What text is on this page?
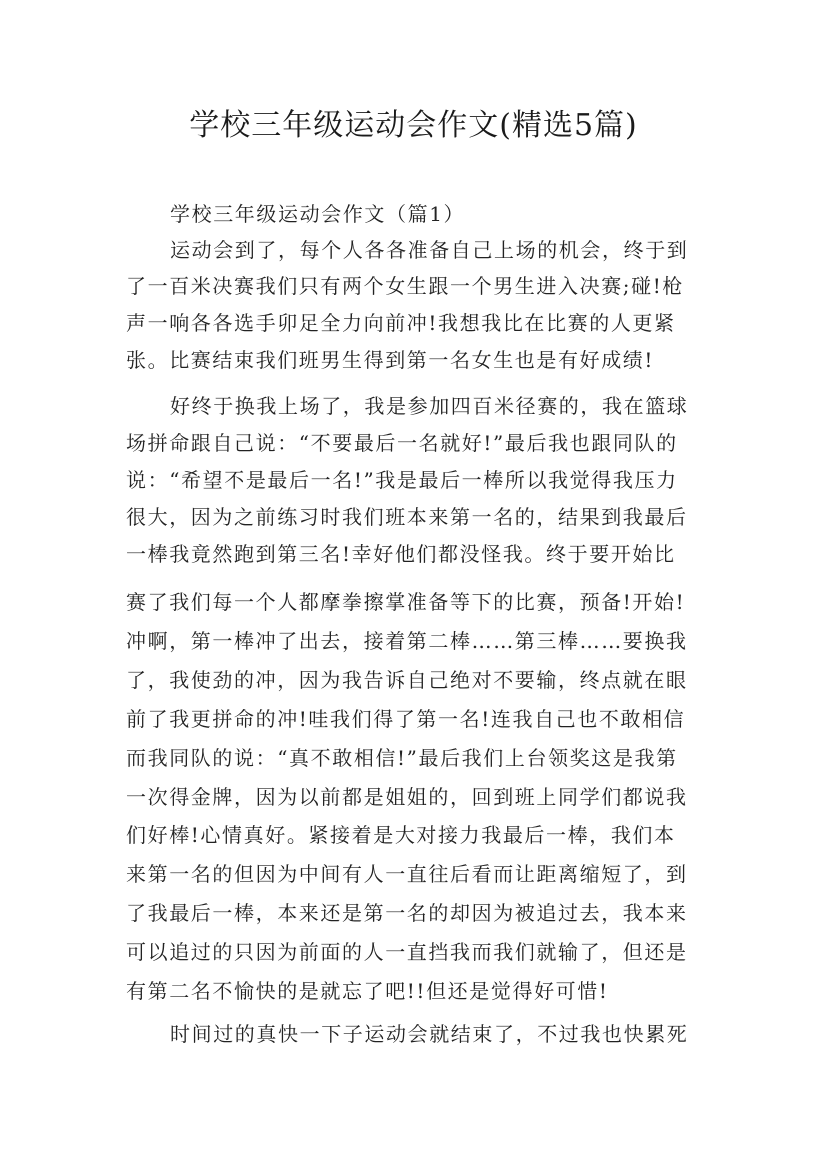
学校三年级运动会作文(精选5篇)
学校三年级运动会作文（篇1）
运动会到了，每个人各各准备自己上场的机会，终于到
了一百米决赛我们只有两个女生跟一个男生进入决赛;碰!枪
声一响各各选手卯足全力向前冲!我想我比在比赛的人更紧
张。比赛结束我们班男生得到第一名女生也是有好成绩!
好终于换我上场了，我是参加四百米径赛的，我在篮球
场拼命跟自己说：“不要最后一名就好!”最后我也跟同队的
说：“希望不是最后一名!”我是最后一棒所以我觉得我压力
很大，因为之前练习时我们班本来第一名的，结果到我最后
一棒我竟然跑到第三名!幸好他们都没怪我。终于要开始比
赛了我们每一个人都摩拳擦掌准备等下的比赛，预备!开始!
冲啊，第一棒冲了出去，接着第二棒……第三棒……要换我
了，我使劲的冲，因为我告诉自己绝对不要输，终点就在眼
前了我更拼命的冲!哇我们得了第一名!连我自己也不敢相信
而我同队的说：“真不敢相信!”最后我们上台领奖这是我第
一次得金牌，因为以前都是姐姐的，回到班上同学们都说我
们好棒!心情真好。紧接着是大对接力我最后一棒，我们本
来第一名的但因为中间有人一直往后看而让距离缩短了，到
了我最后一棒，本来还是第一名的却因为被追过去，我本来
可以追过的只因为前面的人一直挡我而我们就输了，但还是
有第二名不愉快的是就忘了吧!!但还是觉得好可惜!
时间过的真快一下子运动会就结束了，不过我也快累死
